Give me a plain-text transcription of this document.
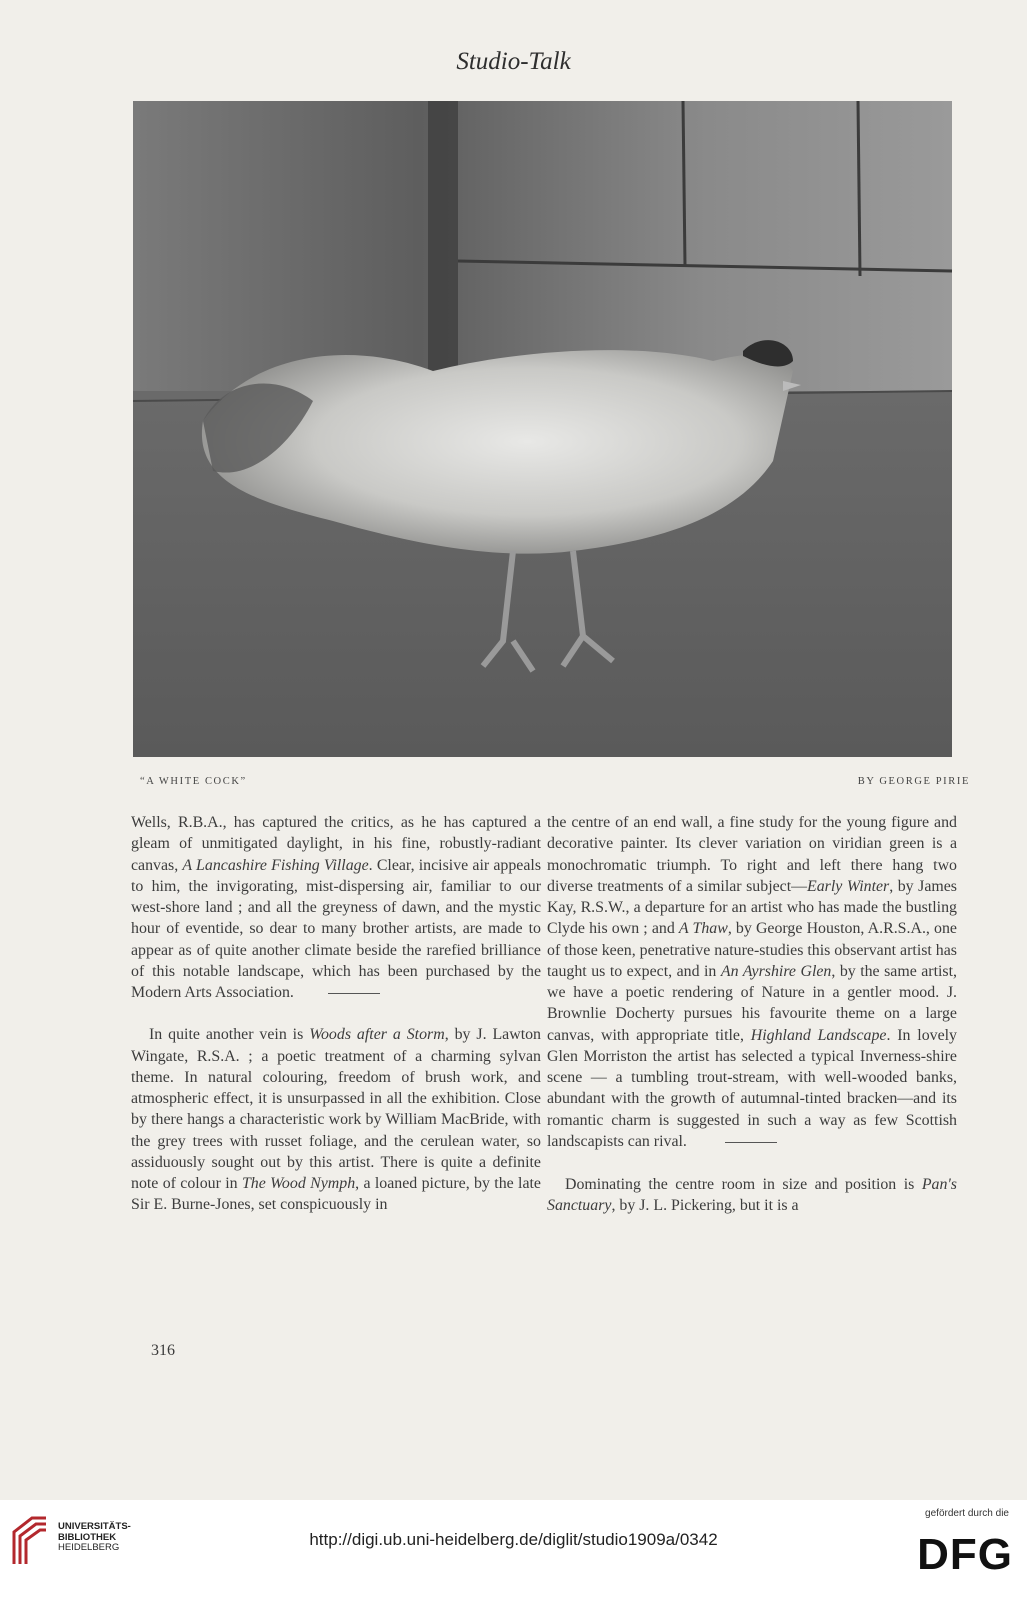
Studio-Talk
“A WHITE COCK”	BY GEORGE PIRIE

Wells, R.B.A., has captured the critics, as he has captured a gleam of unmitigated daylight, in his fine, robustly-radiant canvas, A Lancashire Fishing Village. Clear, incisive air appeals to him, the invigorating, mist-dispersing air, familiar to our west-shore land ; and all the greyness of dawn, and the mystic hour of eventide, so dear to many brother artists, are made to appear as of quite another climate beside the rarefied brilliance of this notable landscape, which has been purchased by the Modern Arts Association.

In quite another vein is Woods after a Storm, by J. Lawton Wingate, R.S.A. ; a poetic treatment of a charming sylvan theme. In natural colouring, freedom of brush work, and atmospheric effect, it is unsurpassed in all the exhibition. Close by there hangs a characteristic work by William MacBride, with the grey trees with russet foliage, and the cerulean water, so assiduously sought out by this artist. There is quite a definite note of colour in The Wood Nymph, a loaned picture, by the late Sir E. Burne-Jones, set conspicuously in

the centre of an end wall, a fine study for the young figure and decorative painter. Its clever variation on viridian green is a monochromatic triumph. To right and left there hang two diverse treatments of a similar subject—Early Winter, by James Kay, R.S.W., a departure for an artist who has made the bustling Clyde his own ; and A Thaw, by George Houston, A.R.S.A., one of those keen, penetrative nature-studies this observant artist has taught us to expect, and in An Ayrshire Glen, by the same artist, we have a poetic rendering of Nature in a gentler mood. J. Brownlie Docherty pursues his favourite theme on a large canvas, with appropriate title, Highland Landscape. In lovely Glen Morriston the artist has selected a typical Inverness-shire scene — a tumbling trout-stream, with well-wooded banks, abundant with the growth of autumnal-tinted bracken—and its romantic charm is suggested in such a way as few Scottish landscapists can rival.

Dominating the centre room in size and position is Pan's Sanctuary, by J. L. Pickering, but it is a

316
UNIVERSITÄTS-
BIBLIOTHEK
HEIDELBERG	http://digi.ub.uni-heidelberg.de/diglit/studio1909a/0342
gefördert durch die
DFG
